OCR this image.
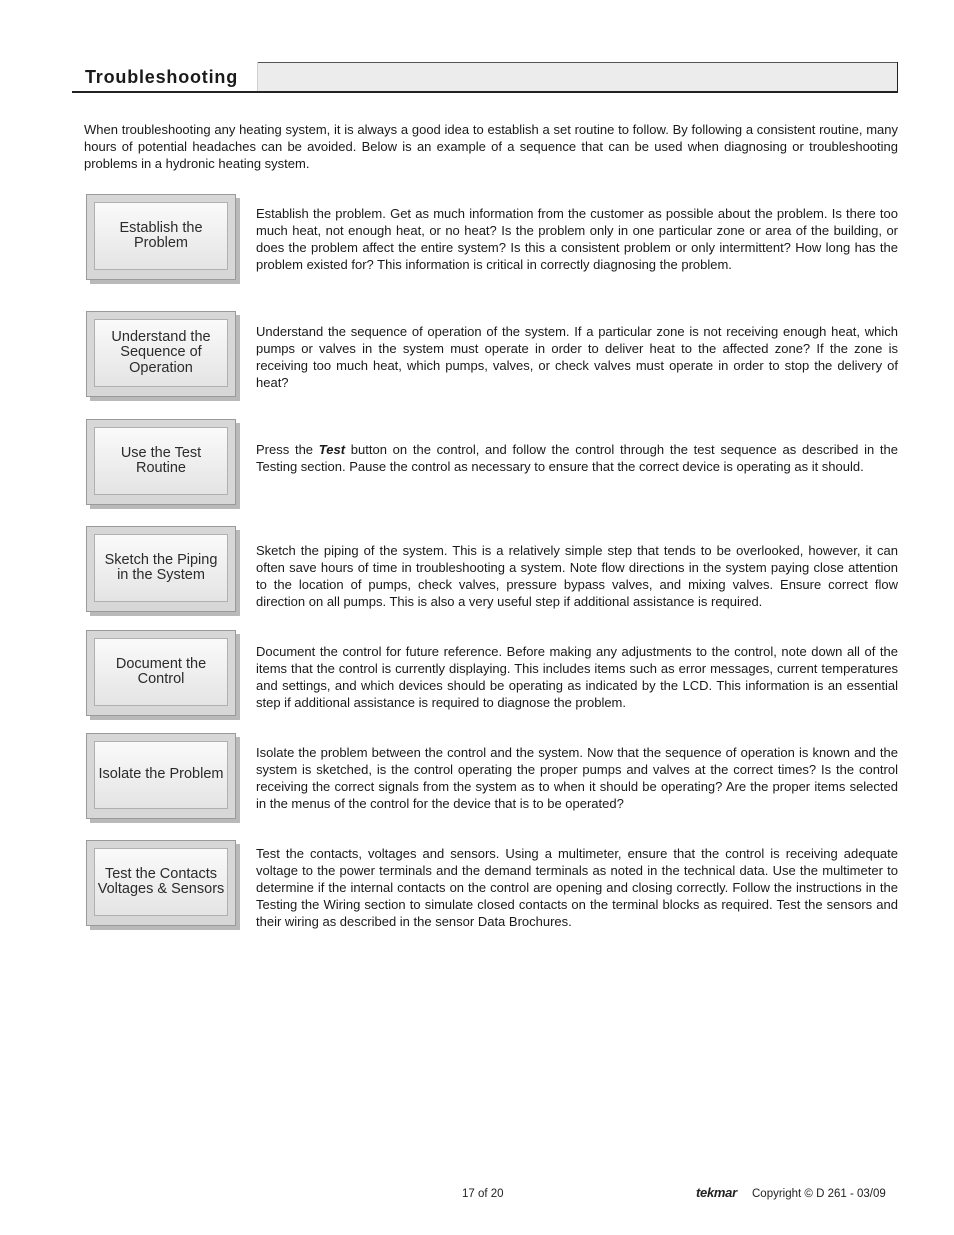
Troubleshooting

When troubleshooting any heating system, it is always a good idea to establish a set routine to follow. By following a consistent routine, many hours of potential headaches can be avoided. Below is an example of a sequence that can be used when diagnosing or troubleshooting problems in a hydronic heating system.

Establish the Problem

Establish the problem. Get as much information from the customer as possible about the problem. Is there too much heat, not enough heat, or no heat? Is the problem only in one particular zone or area of the building, or does the problem affect the entire system? Is this a consistent problem or only intermittent? How long has the problem existed for? This information is critical in correctly diagnosing the problem.

Understand the Sequence of Operation

Understand the sequence of operation of the system. If a particular zone is not receiving enough heat, which pumps or valves in the system must operate in order to deliver heat to the affected zone? If the zone is receiving too much heat, which pumps, valves, or check valves must operate in order to stop the delivery of heat?

Use the Test Routine

Press the Test button on the control, and follow the control through the test sequence as described in the Testing section. Pause the control as necessary to ensure that the correct device is operating as it should.

Sketch the Piping in the System

Sketch the piping of the system. This is a relatively simple step that tends to be overlooked, however, it can often save hours of time in troubleshooting a system. Note flow directions in the system paying close attention to the location of pumps, check valves, pressure bypass valves, and mixing valves. Ensure correct flow direction on all pumps. This is also a very useful step if additional assistance is required.

Document the Control

Document the control for future reference. Before making any adjustments to the control, note down all of the items that the control is currently displaying. This includes items such as error messages, current temperatures and settings, and which devices should be operating as indicated by the LCD. This information is an essential step if additional assistance is required to diagnose the problem.

Isolate the Problem

Isolate the problem between the control and the system. Now that the sequence of operation is known and the system is sketched, is the control operating the proper pumps and valves at the correct times? Is the control receiving the correct signals from the system as to when it should be operating? Are the proper items selected in the menus of the control for the device that is to be operated?

Test the Contacts Voltages & Sensors

Test the contacts, voltages and sensors. Using a multimeter, ensure that the control is receiving adequate voltage to the power terminals and the demand terminals as noted in the technical data. Use the multimeter to determine if the internal contacts on the control are opening and closing correctly. Follow the instructions in the Testing the Wiring section to simulate closed contacts on the terminal blocks as required. Test the sensors and their wiring as described in the sensor Data Brochures.

17 of 20	tekmar Copyright © D 261 - 03/09
